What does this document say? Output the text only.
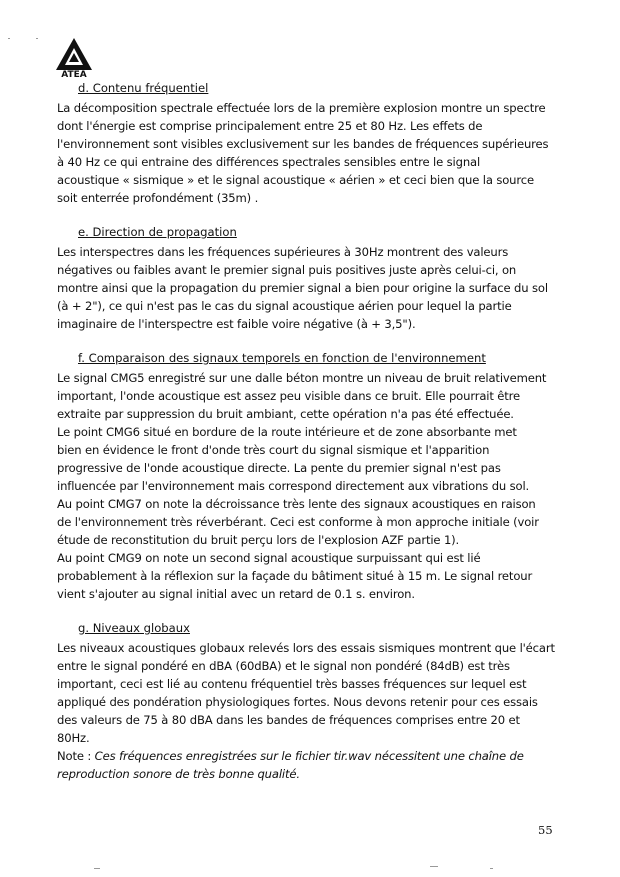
ATEA
d. Contenu fréquentiel

La décomposition spectrale effectuée lors de la première explosion montre un spectre
dont l'énergie est comprise principalement entre 25 et 80 Hz. Les effets de
l'environnement sont visibles exclusivement sur les bandes de fréquences supérieures
à 40 Hz ce qui entraine des différences spectrales sensibles entre le signal
acoustique « sismique » et le signal acoustique « aérien » et ceci bien que la source
soit enterrée profondément (35m) .

e. Direction de propagation

Les interspectres dans les fréquences supérieures à 30Hz montrent des valeurs
négatives ou faibles avant le premier signal puis positives juste après celui-ci, on
montre ainsi que la propagation du premier signal a bien pour origine la surface du sol
(à + 2"), ce qui n'est pas le cas du signal acoustique aérien pour lequel la partie
imaginaire de l'interspectre est faible voire négative (à + 3,5").

f. Comparaison des signaux temporels en fonction de l'environnement

Le signal CMG5 enregistré sur une dalle béton montre un niveau de bruit relativement
important, l'onde acoustique est assez peu visible dans ce bruit. Elle pourrait être
extraite par suppression du bruit ambiant, cette opération n'a pas été effectuée.
Le point CMG6 situé en bordure de la route intérieure et de zone absorbante met
bien en évidence le front d'onde très court du signal sismique et l'apparition
progressive de l'onde acoustique directe. La pente du premier signal n'est pas
influencée par l'environnement mais correspond directement aux vibrations du sol.
Au point CMG7 on note la décroissance très lente des signaux acoustiques en raison
de l'environnement très réverbérant. Ceci est conforme à mon approche initiale (voir
étude de reconstitution du bruit perçu lors de l'explosion AZF partie 1).
Au point CMG9 on note un second signal acoustique surpuissant qui est lié
probablement à la réflexion sur la façade du bâtiment situé à 15 m. Le signal retour
vient s'ajouter au signal initial avec un retard de 0.1 s. environ.

g. Niveaux globaux

Les niveaux acoustiques globaux relevés lors des essais sismiques montrent que l'écart
entre le signal pondéré en dBA (60dBA) et le signal non pondéré (84dB) est très
important, ceci est lié au contenu fréquentiel très basses fréquences sur lequel est
appliqué des pondération physiologiques fortes. Nous devons retenir pour ces essais
des valeurs de 75 à 80 dBA dans les bandes de fréquences comprises entre 20 et
80Hz.

Note : Ces fréquences enregistrées sur le fichier tir.wav nécessitent une chaîne de
reproduction sonore de très bonne qualité.

55
